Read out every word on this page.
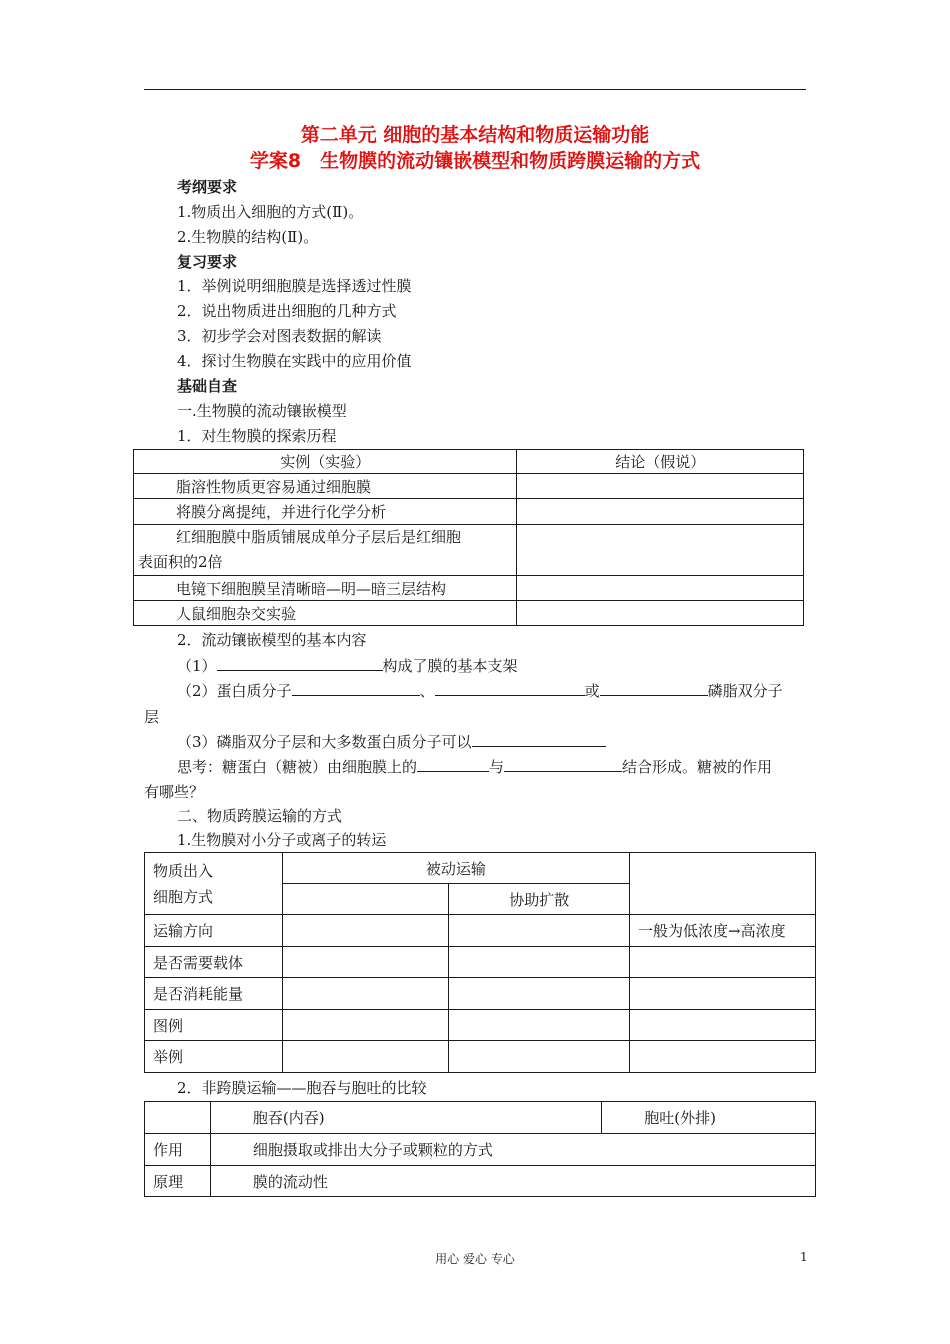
第二单元 细胞的基本结构和物质运输功能
学案8　生物膜的流动镶嵌模型和物质跨膜运输的方式
考纲要求
1.物质出入细胞的方式(Ⅱ)。
2.生物膜的结构(Ⅱ)。
复习要求
1．举例说明细胞膜是选择透过性膜
2．说出物质进出细胞的几种方式
3．初步学会对图表数据的解读
4．探讨生物膜在实践中的应用价值
基础自查
一.生物膜的流动镶嵌模型
1．对生物膜的探索历程
实例（实验）	结论（假说）
脂溶性物质更容易通过细胞膜	
将膜分离提纯，并进行化学分析	

红细胞膜中脂质铺展成单分子层后是红细胞
表面积的2倍	

电镜下细胞膜呈清晰暗—明—暗三层结构	
人鼠细胞杂交实验	
2．流动镶嵌模型的基本内容
（1）	构成了膜的基本支架
（2）蛋白质分子	、	或	磷脂双分子
层
（3）磷脂双分子层和大多数蛋白质分子可以
思考：糖蛋白（糖被）由细胞膜上的	与	结合形成。糖被的作用
有哪些？
二、物质跨膜运输的方式
1.生物膜对小分子或离子的转运
物质出入
细胞方式	被动运输		
		协助扩散	
运输方向			一般为低浓度→高浓度
是否需要载体			
是否消耗能量			
图例			
举例			
2．非跨膜运输——胞吞与胞吐的比较
	胞吞(内吞)	胞吐(外排)
作用	细胞摄取或排出大分子或颗粒的方式	
原理	膜的流动性	
用心 爱心 专心	1
